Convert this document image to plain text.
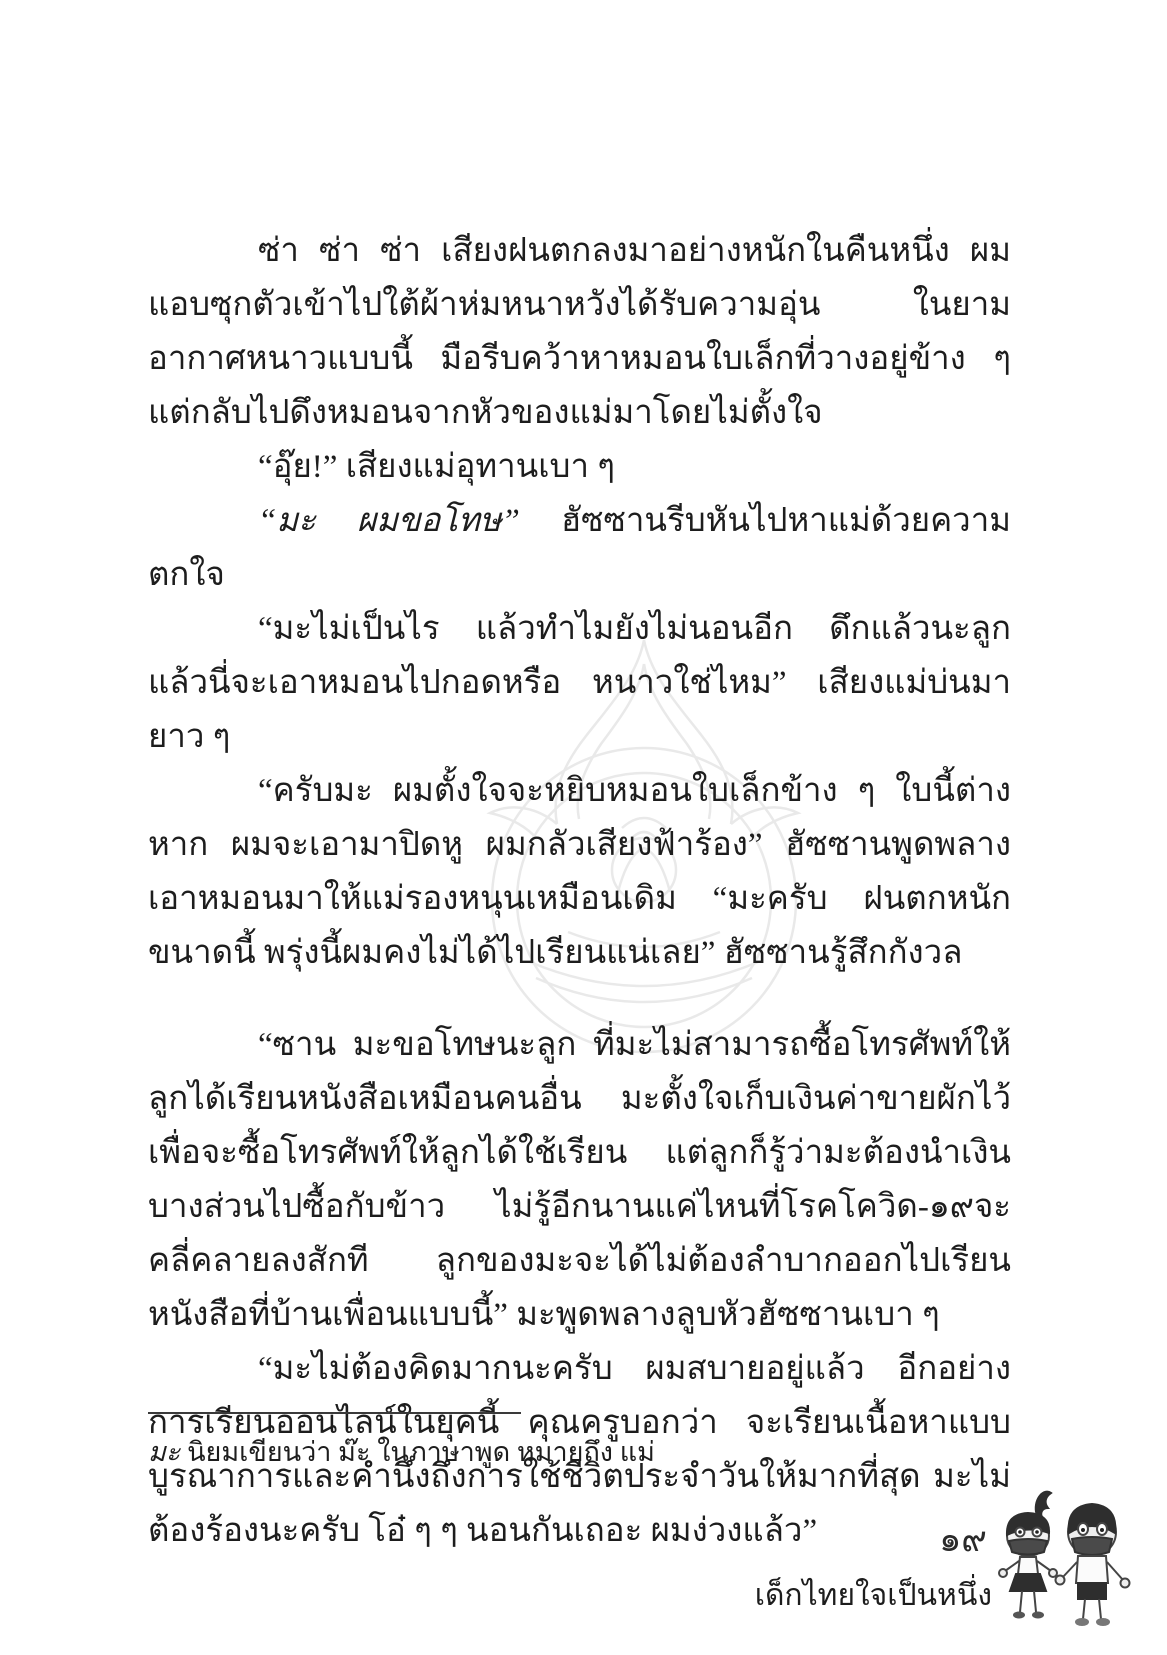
ซ่า ซ่า ซ่า เสียงฝนตกลงมาอย่างหนักในคืนหนึ่ง ผมแอบซุกตัวเข้าไปใต้ผ้าห่มหนาหวังได้รับความอุ่น ในยามอากาศหนาวแบบนี้ มือรีบคว้าหาหมอนใบเล็กที่วางอยู่ข้าง ๆ แต่กลับไปดึงหมอนจากหัวของแม่มาโดยไม่ตั้งใจ

“อุ๊ย!” เสียงแม่อุทานเบา ๆ

“มะ ผมขอโทษ” ฮัซซานรีบหันไปหาแม่ด้วยความตกใจ

“มะไม่เป็นไร แล้วทำไมยังไม่นอนอีก ดึกแล้วนะลูก แล้วนี่จะเอาหมอนไปกอดหรือ หนาวใช่ไหม” เสียงแม่บ่นมายาว ๆ

“ครับมะ ผมตั้งใจจะหยิบหมอนใบเล็กข้าง ๆ ใบนี้ต่างหาก ผมจะเอามาปิดหู ผมกลัวเสียงฟ้าร้อง” ฮัซซานพูดพลางเอาหมอนมาให้แม่รองหนุนเหมือนเดิม “มะครับ ฝนตกหนักขนาดนี้ พรุ่งนี้ผมคงไม่ได้ไปเรียนแน่เลย” ฮัซซานรู้สึกกังวล

“ซาน มะขอโทษนะลูก ที่มะไม่สามารถซื้อโทรศัพท์ให้ลูกได้เรียนหนังสือเหมือนคนอื่น มะตั้งใจเก็บเงินค่าขายผักไว้เพื่อจะซื้อโทรศัพท์ให้ลูกได้ใช้เรียน แต่ลูกก็รู้ว่ามะต้องนำเงินบางส่วนไปซื้อกับข้าว ไม่รู้อีกนานแค่ไหนที่โรคโควิด-๑๙จะคลี่คลายลงสักที ลูกของมะจะได้ไม่ต้องลำบากออกไปเรียนหนังสือที่บ้านเพื่อนแบบนี้” มะพูดพลางลูบหัวฮัซซานเบา ๆ

“มะไม่ต้องคิดมากนะครับ ผมสบายอยู่แล้ว อีกอย่างการเรียนออนไลน์ในยุคนี้ คุณครูบอกว่า จะเรียนเนื้อหาแบบบูรณาการและคำนึงถึงการใช้ชีวิตประจำวันให้มากที่สุด มะไม่ต้องร้องนะครับ โอ๋ ๆ ๆ นอนกันเถอะ ผมง่วงแล้ว”

มะ นิยมเขียนว่า ม๊ะ ในภาษาพูด หมายถึง แม่
๑๙
เด็กไทยใจเป็นหนึ่ง
